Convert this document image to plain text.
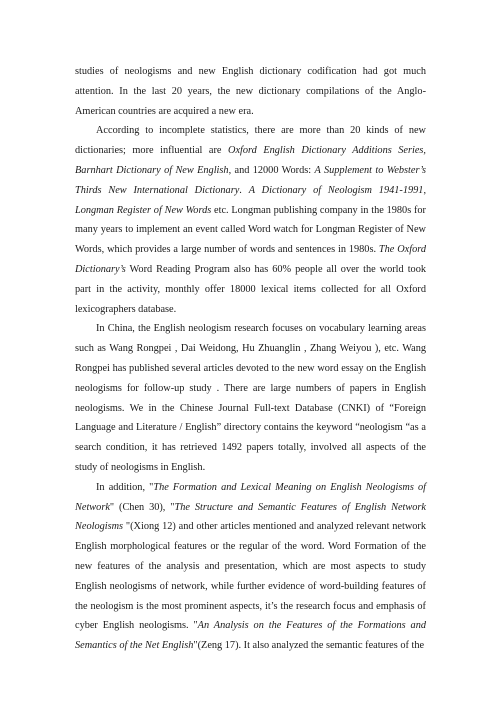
studies of neologisms and new English dictionary codification had got much attention. In the last 20 years, the new dictionary compilations of the Anglo-American countries are acquired a new era.

According to incomplete statistics, there are more than 20 kinds of new dictionaries; more influential are Oxford English Dictionary Additions Series, Barnhart Dictionary of New English, and 12000 Words: A Supplement to Webster’s Thirds New International Dictionary. A Dictionary of Neologism 1941-1991, Longman Register of New Words etc. Longman publishing company in the 1980s for many years to implement an event called Word watch for Longman Register of New Words, which provides a large number of words and sentences in 1980s. The Oxford Dictionary’s Word Reading Program also has 60% people all over the world took part in the activity, monthly offer 18000 lexical items collected for all Oxford lexicographers database.

In China, the English neologism research focuses on vocabulary learning areas such as Wang Rongpei , Dai Weidong, Hu Zhuanglin , Zhang Weiyou ), etc. Wang Rongpei has published several articles devoted to the new word essay on the English neologisms for follow-up study . There are large numbers of papers in English neologisms. We in the Chinese Journal Full-text Database (CNKI) of “Foreign Language and Literature / English” directory contains the keyword “neologism “as a search condition, it has retrieved 1492 papers totally, involved all aspects of the study of neologisms in English.

In addition, "The Formation and Lexical Meaning on English Neologisms of Network" (Chen 30), "The Structure and Semantic Features of English Network Neologisms "(Xiong 12) and other articles mentioned and analyzed relevant network English morphological features or the regular of the word. Word Formation of the new features of the analysis and presentation, which are most aspects to study English neologisms of network, while further evidence of word-building features of the neologism is the most prominent aspects, it’s the research focus and emphasis of cyber English neologisms. "An Analysis on the Features of the Formations and Semantics of the Net English"(Zeng 17). It also analyzed the semantic features of the
